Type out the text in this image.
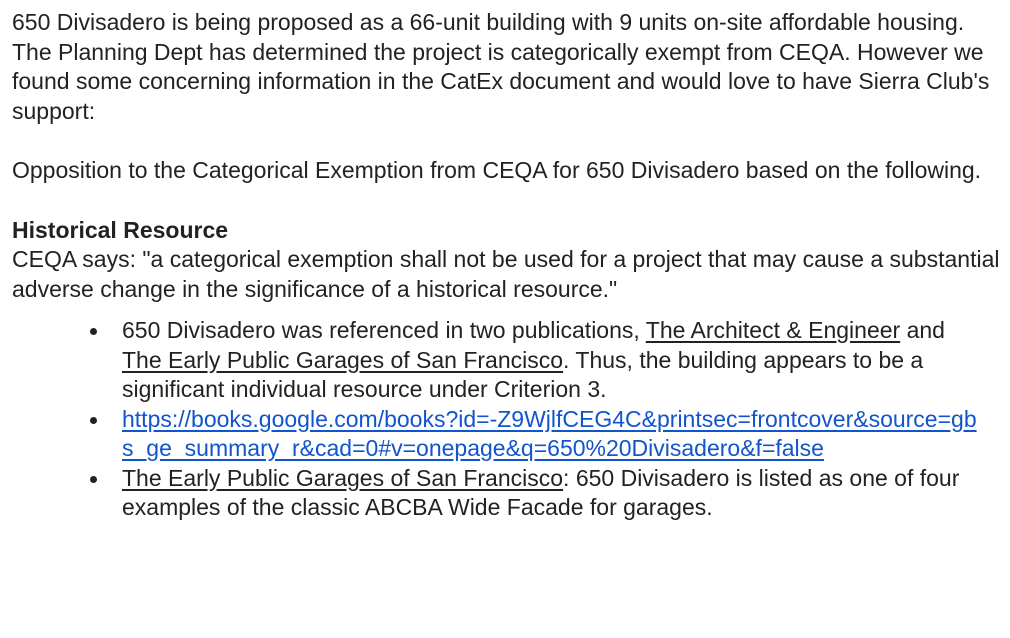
650 Divisadero is being proposed as a 66-unit building with 9 units on-site affordable housing. The Planning Dept has determined the project is categorically exempt from CEQA. However we found some concerning information in the CatEx document and would love to have Sierra Club's support:

Opposition to the Categorical Exemption from CEQA for 650 Divisadero based on the following.

Historical Resource

CEQA says: "a categorical exemption shall not be used for a project that may cause a substantial adverse change in the significance of a historical resource."

650 Divisadero was referenced in two publications, The Architect & Engineer and The Early Public Garages of San Francisco. Thus, the building appears to be a significant individual resource under Criterion 3.
https://books.google.com/books?id=-Z9WjlfCEG4C&printsec=frontcover&source=gbs_ge_summary_r&cad=0#v=onepage&q=650%20Divisadero&f=false
The Early Public Garages of San Francisco: 650 Divisadero is listed as one of four examples of the classic ABCBA Wide Facade for garages.
